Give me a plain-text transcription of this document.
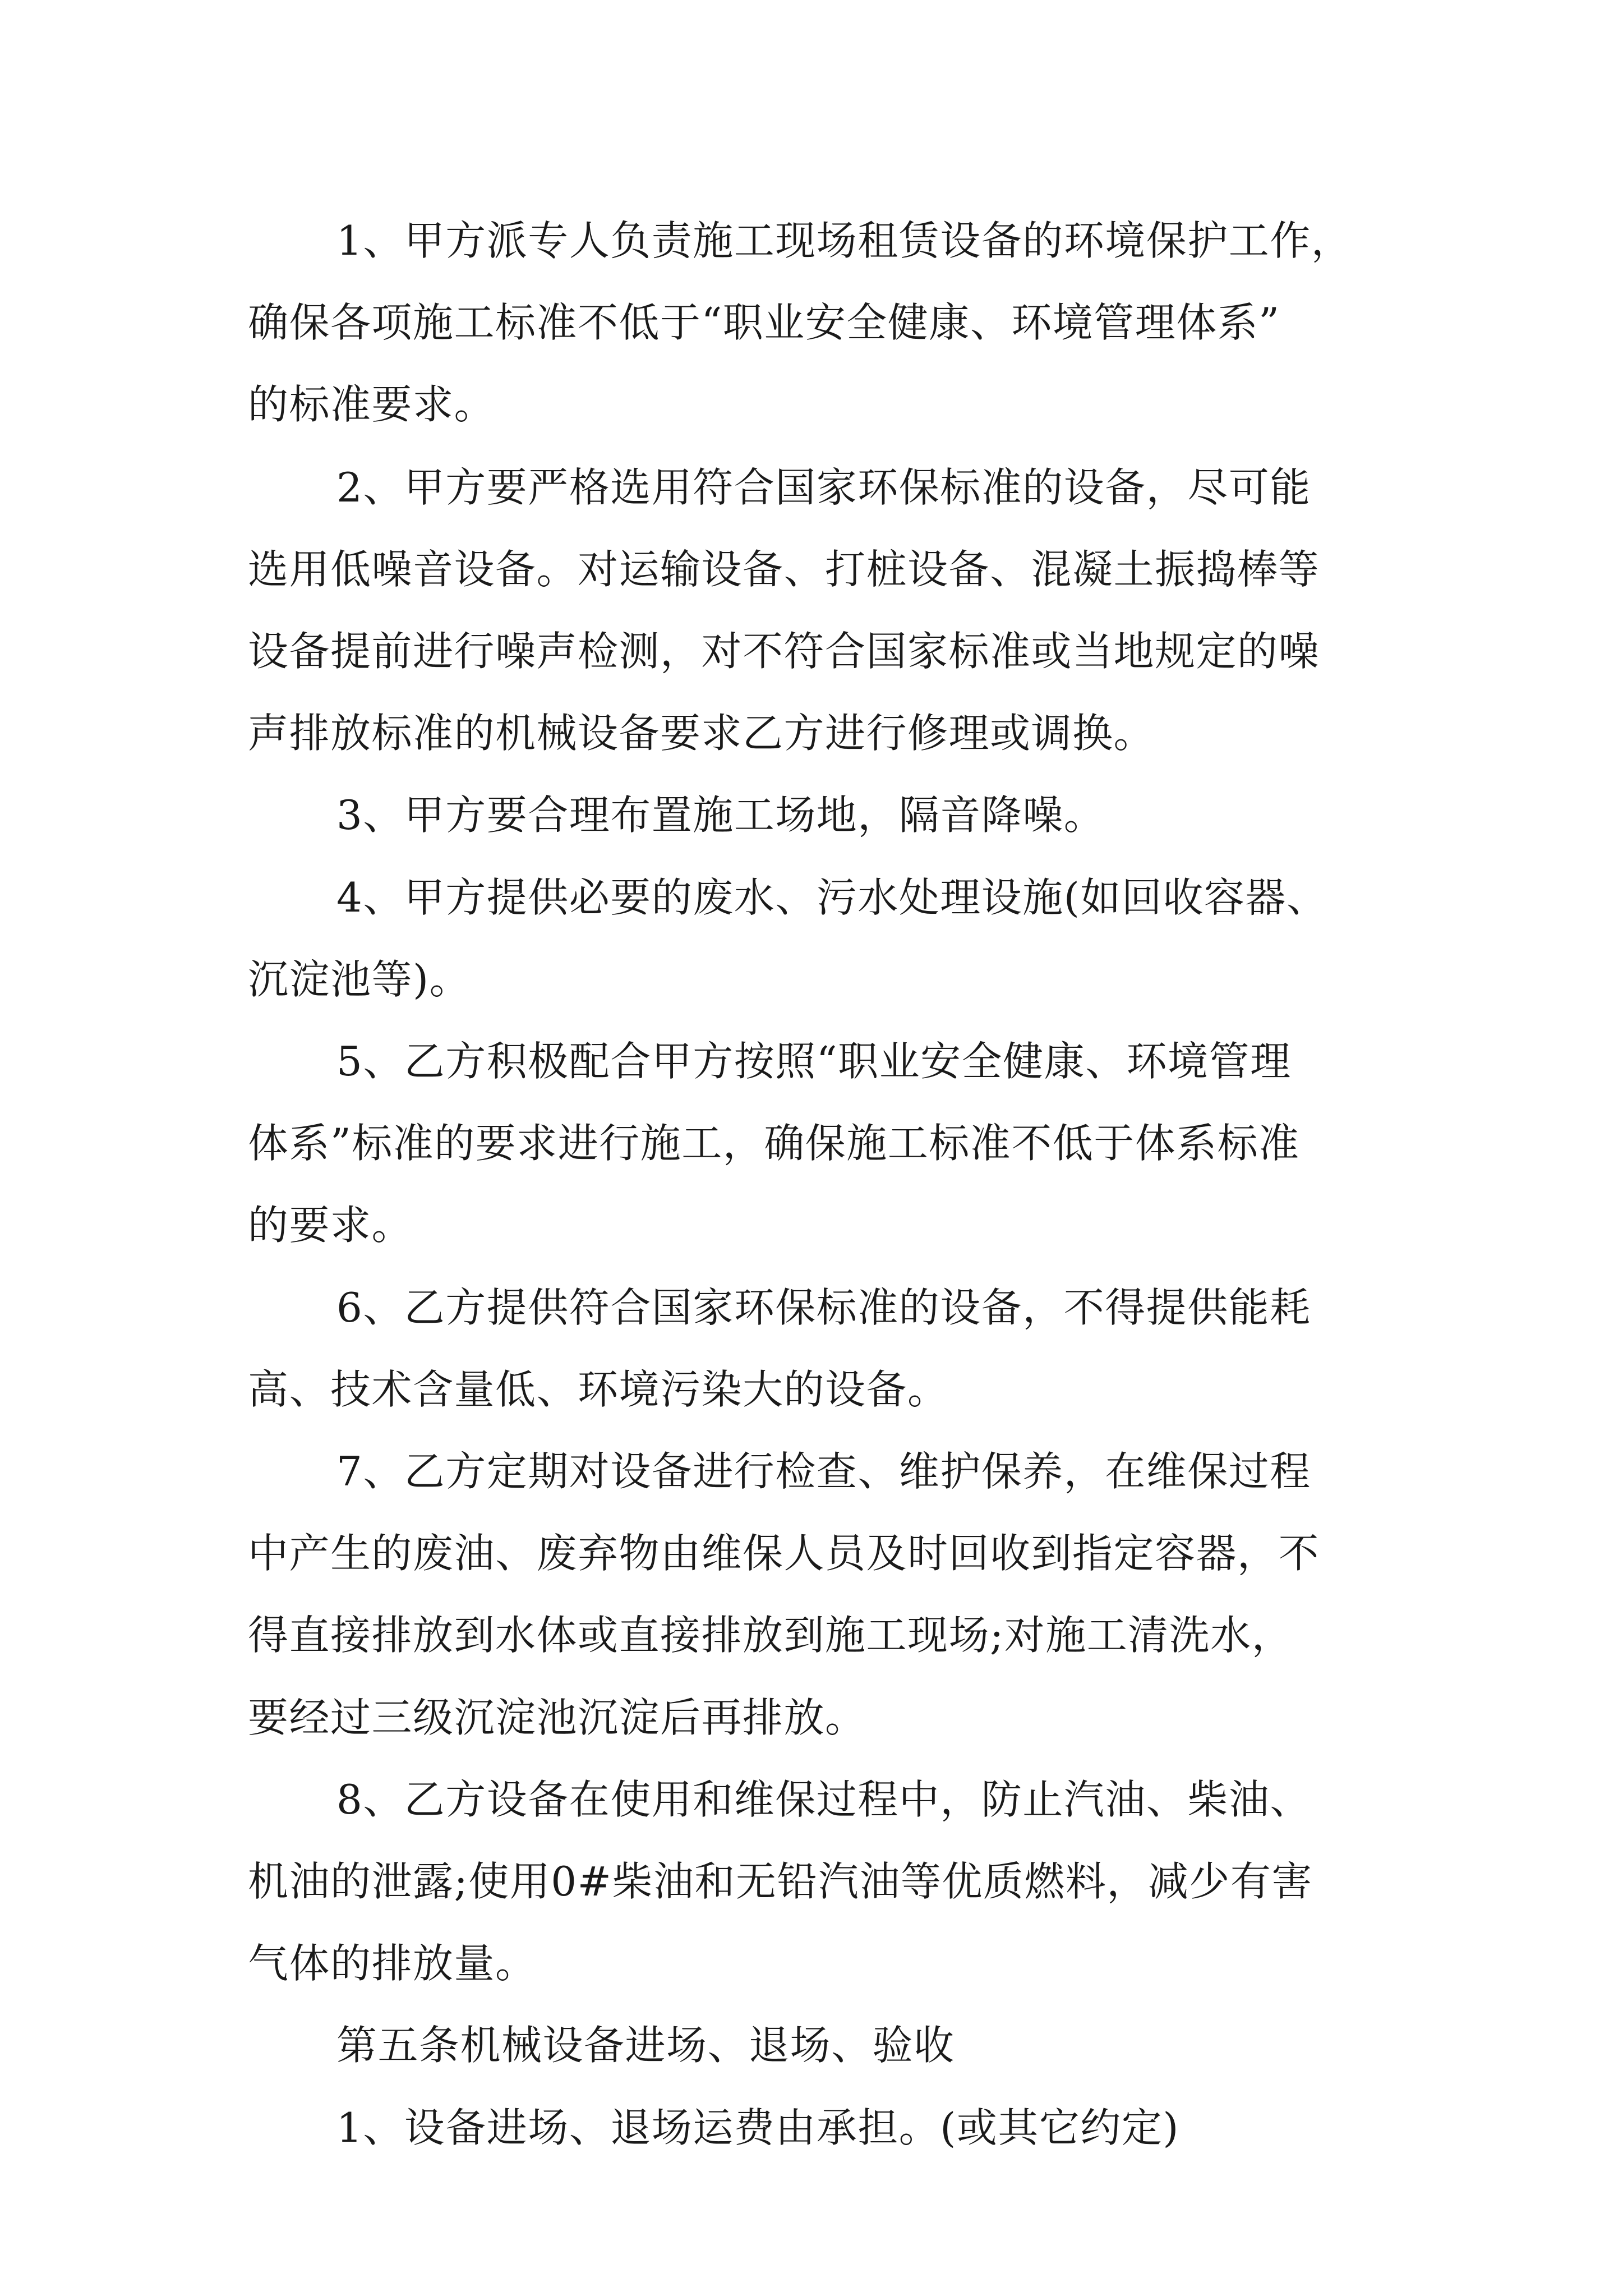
1、甲方派专人负责施工现场租赁设备的环境保护工作，
确保各项施工标准不低于“职业安全健康、环境管理体系”
的标准要求。
2、甲方要严格选用符合国家环保标准的设备，尽可能
选用低噪音设备。对运输设备、打桩设备、混凝土振捣棒等
设备提前进行噪声检测，对不符合国家标准或当地规定的噪
声排放标准的机械设备要求乙方进行修理或调换。
3、甲方要合理布置施工场地，隔音降噪。
4、甲方提供必要的废水、污水处理设施(如回收容器、
沉淀池等)。
5、乙方积极配合甲方按照“职业安全健康、环境管理
体系”标准的要求进行施工，确保施工标准不低于体系标准
的要求。
6、乙方提供符合国家环保标准的设备，不得提供能耗
高、技术含量低、环境污染大的设备。
7、乙方定期对设备进行检查、维护保养，在维保过程
中产生的废油、废弃物由维保人员及时回收到指定容器，不
得直接排放到水体或直接排放到施工现场;对施工清洗水，
要经过三级沉淀池沉淀后再排放。
8、乙方设备在使用和维保过程中，防止汽油、柴油、
机油的泄露;使用0#柴油和无铅汽油等优质燃料，减少有害
气体的排放量。
第五条机械设备进场、退场、验收
1、设备进场、退场运费由承担。(或其它约定)
